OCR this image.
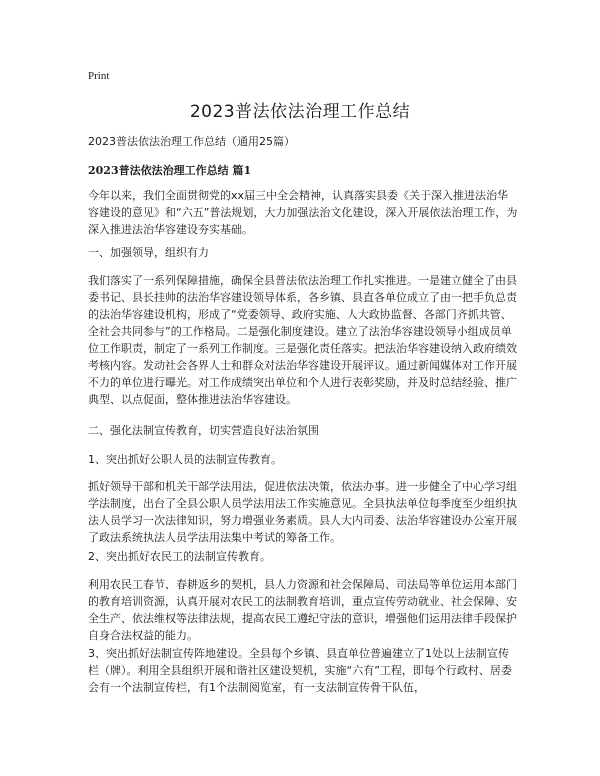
Print
2023普法依法治理工作总结
2023普法依法治理工作总结（通用25篇）
2023普法依法治理工作总结 篇1

今年以来，我们全面贯彻党的xx届三中全会精神，认真落实县委《关于深入推进法治华容建设的意见》和“六五”普法规划，大力加强法治文化建设，深入开展依法治理工作，为深入推进法治华容建设夯实基础。

一、加强领导，组织有力

我们落实了一系列保障措施，确保全县普法依法治理工作扎实推进。一是建立健全了由县委书记、县长挂帅的法治华容建设领导体系，各乡镇、县直各单位成立了由一把手负总责的法治华容建设机构，形成了“党委领导、政府实施、人大政协监督、各部门齐抓共管、全社会共同参与”的工作格局。二是强化制度建设。建立了法治华容建设领导小组成员单位工作职责，制定了一系列工作制度。三是强化责任落实。把法治华容建设纳入政府绩效考核内容。发动社会各界人士和群众对法治华容建设开展评议。通过新闻媒体对工作开展不力的单位进行曝光。对工作成绩突出单位和个人进行表彰奖励，并及时总结经验、推广典型、以点促面，整体推进法治华容建设。

二、强化法制宣传教育，切实营造良好法治氛围
1、突出抓好公职人员的法制宣传教育。

抓好领导干部和机关干部学法用法，促进依法决策，依法办事。进一步健全了中心学习组学法制度，出台了全县公职人员学法用法工作实施意见。全县执法单位每季度至少组织执法人员学习一次法律知识，努力增强业务素质。县人大内司委、法治华容建设办公室开展了政法系统执法人员学法用法集中考试的筹备工作。

2、突出抓好农民工的法制宣传教育。

利用农民工春节、春耕返乡的契机，县人力资源和社会保障局、司法局等单位运用本部门的教育培训资源，认真开展对农民工的法制教育培训，重点宣传劳动就业、社会保障、安全生产、依法维权等法律法规，提高农民工遵纪守法的意识，增强他们运用法律手段保护自身合法权益的能力。

3、突出抓好法制宣传阵地建设。全县每个乡镇、县直单位普遍建立了1处以上法制宣传栏（牌）。利用全县组织开展和谐社区建设契机，实施“六有”工程，即每个行政村、居委会有一个法制宣传栏，有1个法制阅览室，有一支法制宣传骨干队伍，
